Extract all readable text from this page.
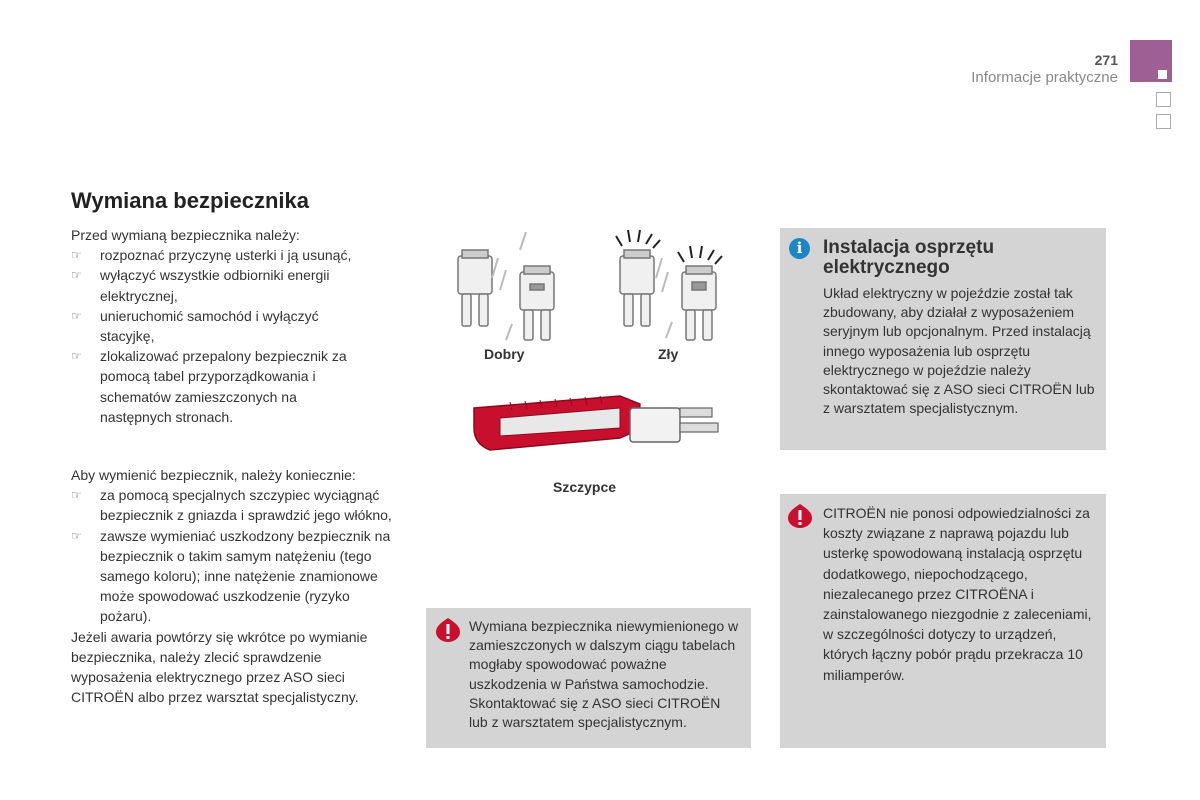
271
Informacje praktyczne
Wymiana bezpiecznika

Przed wymianą bezpiecznika należy:

☞ rozpoznać przyczynę usterki i ją usunąć,
☞ wyłączyć wszystkie odbiorniki energii elektrycznej,
☞ unieruchomić samochód i wyłączyć stacyjkę,
☞ zlokalizować przepalony bezpiecznik za pomocą tabel przyporządkowania i schematów zamieszczonych na następnych stronach.

Aby wymienić bezpiecznik, należy koniecznie:

☞ za pomocą specjalnych szczypiec wyciągnąć bezpiecznik z gniazda i sprawdzić jego włókno,
☞ zawsze wymieniać uszkodzony bezpiecznik na bezpiecznik o takim samym natężeniu (tego samego koloru); inne natężenie znamionowe może spowodować uszkodzenie (ryzyko pożaru).

Jeżeli awaria powtórzy się wkrótce po wymianie bezpiecznika, należy zlecić sprawdzenie wyposażenia elektrycznego przez ASO sieci CITROËN albo przez warsztat specjalistyczny.

Dobry	Zły
Szczypce
Wymiana bezpiecznika niewymienionego w zamieszczonych w dalszym ciągu tabelach mogłaby spowodować poważne uszkodzenia w Państwa samochodzie. Skontaktować się z ASO sieci CITROËN lub z warsztatem specjalistycznym.
i	Instalacja osprzętu elektrycznego
Układ elektryczny w pojeździe został tak zbudowany, aby działał z wyposażeniem seryjnym lub opcjonalnym. Przed instalacją innego wyposażenia lub osprzętu elektrycznego w pojeździe należy skontaktować się z ASO sieci CITROËN lub z warsztatem specjalistycznym.
CITROËN nie ponosi odpowiedzialności za koszty związane z naprawą pojazdu lub usterkę spowodowaną instalacją osprzętu dodatkowego, niepochodzącego, niezalecanego przez CITROËNA i zainstalowanego niezgodnie z zaleceniami, w szczególności dotyczy to urządzeń, których łączny pobór prądu przekracza 10 miliamperów.
